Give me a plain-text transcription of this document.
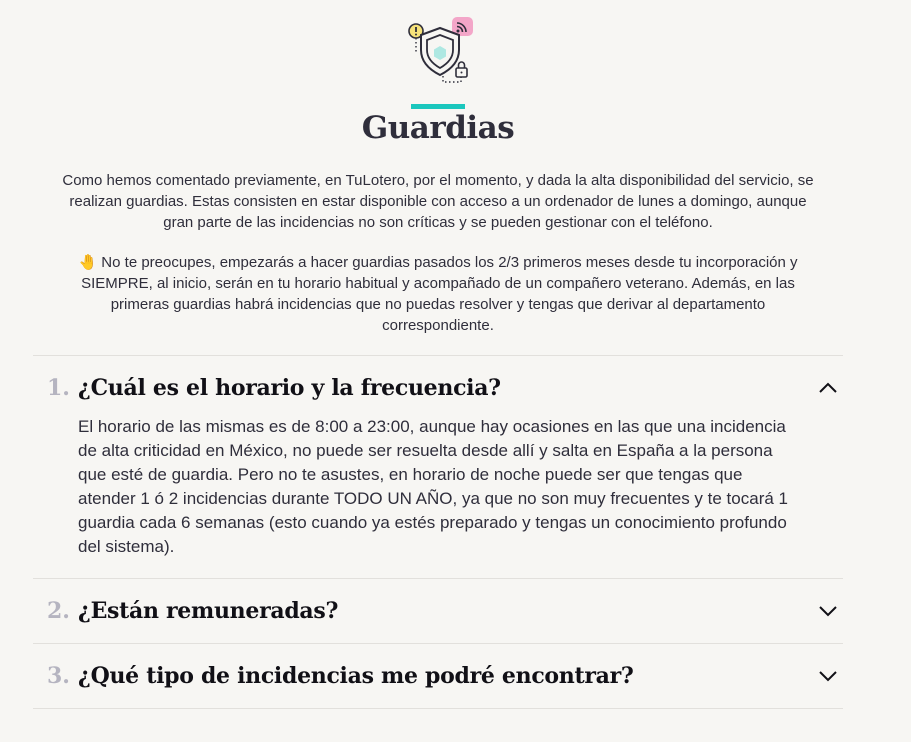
Guardias

Como hemos comentado previamente, en TuLotero, por el momento, y dada la alta disponibilidad del servicio, se realizan guardias. Estas consisten en estar disponible con acceso a un ordenador de lunes a domingo, aunque gran parte de las incidencias no son críticas y se pueden gestionar con el teléfono.

🤚 No te preocupes, empezarás a hacer guardias pasados los 2/3 primeros meses desde tu incorporación y SIEMPRE, al inicio, serán en tu horario habitual y acompañado de un compañero veterano. Además, en las primeras guardias habrá incidencias que no puedas resolver y tengas que derivar al departamento correspondiente.

1. ¿Cuál es el horario y la frecuencia?
El horario de las mismas es de 8:00 a 23:00, aunque hay ocasiones en las que una incidencia de alta criticidad en México, no puede ser resuelta desde allí y salta en España a la persona que esté de guardia. Pero no te asustes, en horario de noche puede ser que tengas que atender 1 ó 2 incidencias durante TODO UN AÑO, ya que no son muy frecuentes y te tocará 1 guardia cada 6 semanas (esto cuando ya estés preparado y tengas un conocimiento profundo del sistema).
2. ¿Están remuneradas?
3. ¿Qué tipo de incidencias me podré encontrar?
